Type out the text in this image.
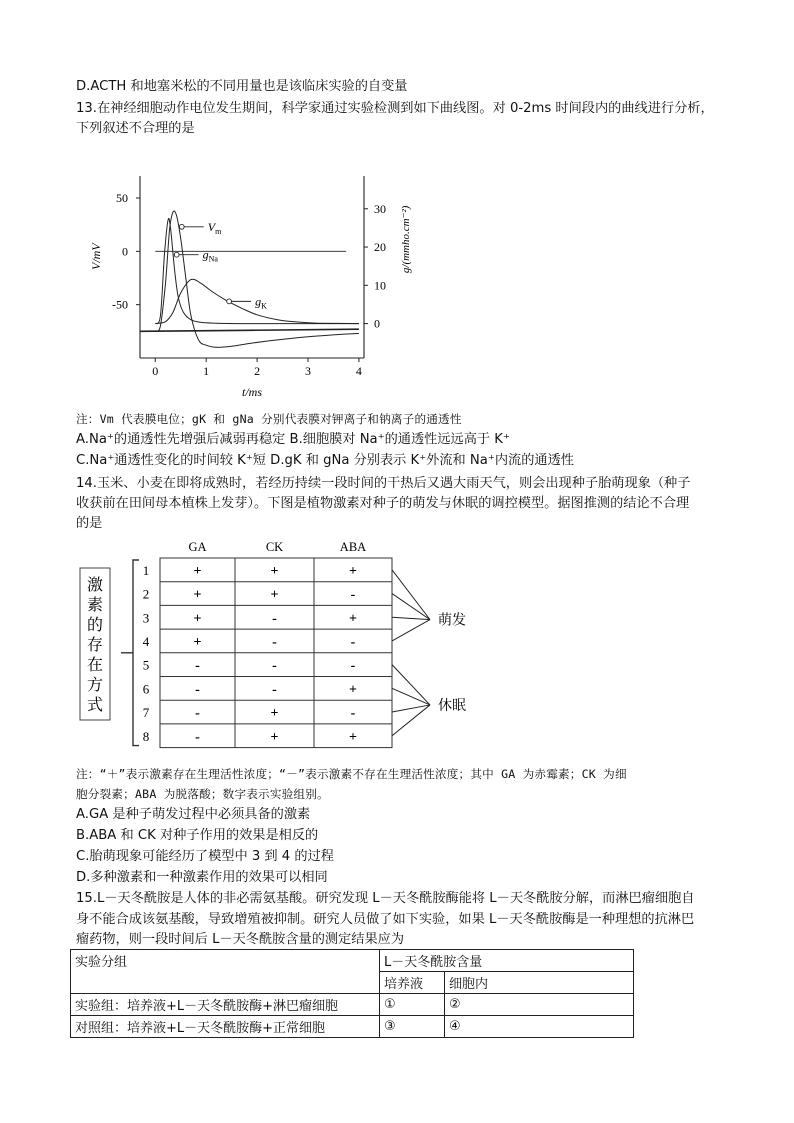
D.ACTH 和地塞米松的不同用量也是该临床实验的自变量
13.在神经细胞动作电位发生期间，科学家通过实验检测到如下曲线图。对 0-2ms 时间段内的曲线进行分析，
下列叙述不合理的是
0	1	2	3	4
50
0
-50
30
20
10
0
t/ms
V/mV	g/(mmho.cm⁻²)
$V_m$
$g_{Na}$
$g_K$
注：Vm 代表膜电位；gK 和 gNa 分别代表膜对钾离子和钠离子的通透性
A.Na⁺的通透性先增强后减弱再稳定 B.细胞膜对 Na⁺的通透性远远高于 K⁺
C.Na⁺通透性变化的时间较 K⁺短 D.gK 和 gNa 分别表示 K⁺外流和 Na⁺内流的通透性
14.玉米、小麦在即将成熟时，若经历持续一段时间的干热后又遇大雨天气，则会出现种子胎萌现象（种子
收获前在田间母本植株上发芽）。下图是植物激素对种子的萌发与休眠的调控模型。据图推测的结论不合理
的是
GA	CK	ABA
1	+	+	+
2	+	+	-
3	+	-	+
4	+	-	-
5	-	-	-
6	-	-	+
7	-	+	-
8	-	+	+
激
素
的
存
在
方
式
萌发
休眠
注：“＋”表示激素存在生理活性浓度；“－”表示激素不存在生理活性浓度；其中 GA 为赤霉素；CK 为细
胞分裂素；ABA 为脱落酸；数字表示实验组别。
A.GA 是种子萌发过程中必须具备的激素
B.ABA 和 CK 对种子作用的效果是相反的
C.胎萌现象可能经历了模型中 3 到 4 的过程
D.多种激素和一种激素作用的效果可以相同
15.L－天冬酰胺是人体的非必需氨基酸。研究发现 L－天冬酰胺酶能将 L－天冬酰胺分解，而淋巴瘤细胞自
身不能合成该氨基酸，导致增殖被抑制。研究人员做了如下实验，如果 L－天冬酰胺酶是一种理想的抗淋巴
瘤药物，则一段时间后 L－天冬酰胺含量的测定结果应为
实验分组	L－天冬酰胺含量	
	培养液	细胞内
实验组：培养液+L－天冬酰胺酶+淋巴瘤细胞	①	②
对照组：培养液+L－天冬酰胺酶+正常细胞	③	④
